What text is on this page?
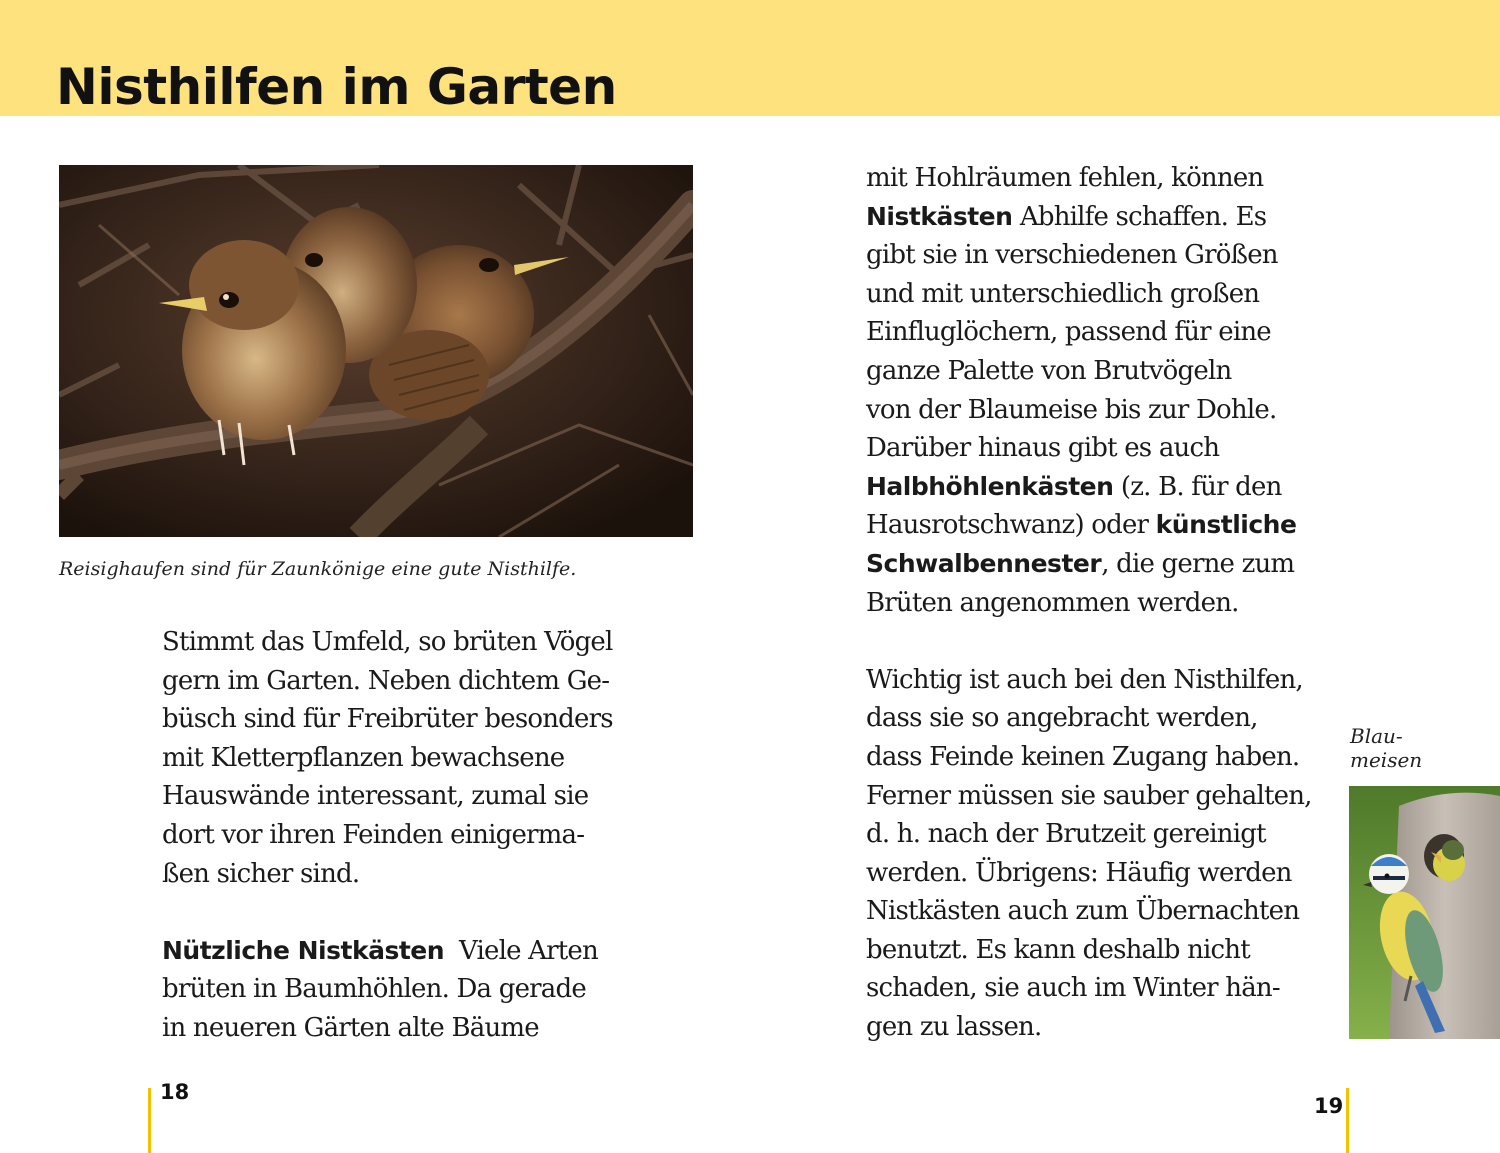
Nisthilfen im Garten
Reisighaufen sind für Zaunkönige eine gute Nisthilfe.

Stimmt das Umfeld, so brüten Vögel

gern im Garten. Neben dichtem Ge-

büsch sind für Freibrüter besonders

mit Kletterpflanzen bewachsene

Hauswände interessant, zumal sie

dort vor ihren Feinden einigerma-

ßen sicher sind.

Nützliche Nistkästen Viele Arten

brüten in Baumhöhlen. Da gerade

in neueren Gärten alte Bäume

mit Hohlräumen fehlen, können

Nistkästen Abhilfe schaffen. Es

gibt sie in verschiedenen Größen

und mit unterschiedlich großen

Einfluglöchern, passend für eine

ganze Palette von Brutvögeln

von der Blaumeise bis zur Dohle.

Darüber hinaus gibt es auch

Halbhöhlenkästen (z. B. für den

Hausrotschwanz) oder künstliche

Schwalbennester, die gerne zum

Brüten angenommen werden.

Wichtig ist auch bei den Nisthilfen,

dass sie so angebracht werden,

dass Feinde keinen Zugang haben.

Ferner müssen sie sauber gehalten,

d. h. nach der Brutzeit gereinigt

werden. Übrigens: Häufig werden

Nistkästen auch zum Übernachten

benutzt. Es kann deshalb nicht

schaden, sie auch im Winter hän-

gen zu lassen.

Blau-
meisen
18
19
